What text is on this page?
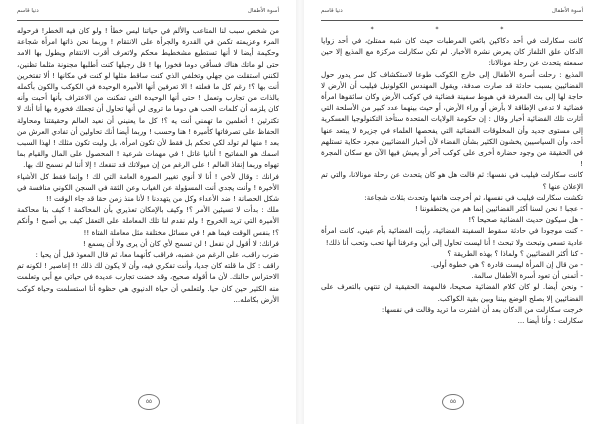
دنيا قاسم	أسوة الأطفال

من شخص سبب لنا المتاعب والألم في حياتنا ليس خطأ ! ولو كان فيه الخطر! فرحوله المرء وعزيمته تكمن في القدرة والجرأة على الانتقام ! وربما نحن ذاتها امرأة شجاعة وحكيمة أيضا لا أنها تستطيع مشخطيط محكم ولاتعرف أقرب الانتقام ويطول بها الامد حتى لو ماتك هناك فسأقي دوما فخورا بها ! قل رجيلها كنت أطلبها مجنونة مثلما تظنين، لكنني استقلت من جهلي وتخلفي الذي كنت ساقط مثلها لو كنت في مكانها ! ألا تفتخرين أنت بها ؟! رغم كل ما فعلته ! الا تعرفين أنها الأميرة الوحيدة في الكوكب والكون بأكمله بالذات من تجارب وتعمل ! حتى أنها الوحيدة التي تمكنت من الاعتراف بأنها أحبت وأنه كان يلزمه أن كلمات الحب هي دوما ما تروى لي أنها تحاول أن تجعلك فخورة بها أنا أنك لا تكترثين ! أتعلمين ما تهمني أنت يه ؟! كل ما يعنيني أن نعيد العالم وحقيقتنا ومحاولة الحفاظ على تصرفاتها كأميرة ! هنا وحسب ! وربما أيضا أنك تحاولين أن تفادي العرش من بعد ! منها لم تولد لكي تحكم بل فقط لأن تكون امرأة، بل وليت تكون مثلك ! لهذا السبب اسمك هو المفاتيح ! أنانيا غاتل ! في مهمات شرعية ! المحصول على المال والقيام بما تهواه وربما إنقاذ العالم ! على الرغم من إن ميولاتك قد تنفعك ! إلا أننا لم نسمح لك بها.

فرانك : وقال لأخي ! أنا لا أنوي تغيير الصورة العامة التي لك ! وإنما فقط كل الأشياء الأخيرة ! وأنت يجدي أنت المسؤولة عن الغياب وعن الثقة في السجن الكوني منافسة في شكل الحصانة ! ضد الأعداء وكل من يتهددنا ! لأنا منذ زمن حقا قد جاء الوقت !!

ملك : بدأت لا تسيئين الأمر ؟! وكيف بالإمكان تعذيري بأن المحاكمة ! كيف بنا محاكمة الأميرة التي تريد الخروج ! ولم نقدم لنا تلك المعاملة على التعقل كيف بي أصبح ! وأنكم ؟! بنفس الوقت فيما هم ! في مسائل مختلفة مثل معاملة الفتاة !!

فرانك: لا أقول لن نفعل ! لن تسمح لأي كان أن يرى ولا أن يسمع !

ضرب راقب، على الرغم من غضبه، فراقب كأنهما معا، ثم قال المعوذ قبل أن يحيا :

راقف : كل ما قلته كان جديا، وأنت تفكري فيه، وأن لا يكون لك ذلك !! إعاصير ! لكونه تم الاحتراس حالنك. لأن ما أقوله صحيح، وقد خضت تجارب عديدة في حياتي مع أبي وتعلمت منه الكثير حين كان حيا. ولتعلمي أن حياة الدنيوي هي حظوة أنا استسلمت وحياة كوكب الأرض بكامله...

٥٥
دنيا قاسم	أسوة الأطفال

* * *

كانت سكارلت في أحد دكاكين بائعي المرطبات حيث كان شبه ممتلئ، في أحد زوايا الدكان علق التلفاز كان يعرض نشرة الأخبار. لم تكن سكارلت مركزة مع المذيع إلا حين سمعته يتحدث عن رحلة مونالانا:

المذيع : رحلت أسرة الأطفال إلى خارج الكوكب طوعا لاستكشاف كل سر يدور حول الفضائيين بسبب حادثة قد صارت صدفة، ويقول المهندس الكولونيل فيليب أن الأرض لا حاجة لها إلى بث المعرفة في هبوط سفينة فضائية في كوكب الأرض وكان سائقوها امرأة فضائية لا تدعى الإطاقة لا بأرض أو وراء الأرض، أو حيث بينهما عدد كبير من الأسلحة التي أثارت تلك الفضائية أخبار وقال : إن حكومة الولايات المتحدة ستأخذ التكنولوجيا العسكرية إلى مستوى جديد وأن المخلوقات الفضائية التي يفحصها العلماء في جزيرة لا يبتعد عنها أحد، وأن السياسيين يخشون الكثير بشأن الفضاء لأن أخبار الفضائيين مجرد حكاية تستلهم في الحقيقة من وجود حضارة أخرى على كوكب آخر أو يعيش فيها الآن مع سكان المجرة !

كانت سكارلت فيليب في نفسها: ثم قالت هل هو كان يتحدث عن رحلة مونالانا، والتي تم الإعلان عنها ؟

تكشت سكارلت فيليب في نفسها، ثم أخرجت هاتفها وتحدث بثلاث شجاعة:

- عجبا ! نحن لسنا أكثر الفضائيين إنما هم من يختطفوننا !

- هل سيكون حديث الفضائية صحيحا ؟!

- كنت موجودا في حادثة سقوط السفينة الفضائية، رأيت الفضائية بأم عيني، كانت امرأة عادية تسعى وتبحث ولا تبحث ! أنا ليست تحاول إلى أين وعرفنا أنها تحب وتحب أنا ذلك!

- كنا أكثر الفضائيين ؟ ولماذا ؟ بهذه الطريقة ؟

- من قال إن المرأة ليست قادرة ؟ هي خطوة أولى.

- أتمنى أن تعود أسرة الأطفال سالمة.

- ونحن أيضا. لو كان كلام الفضائية صحيحا، فالمهمة الحقيقية لن تنتهي بالتعرف على الفضائيين إلا بصلح الوضع بيننا وبين بقية الكواكب.

خرجت سكارلت من الدكان بعد أن اشترت ما تريد وقالت في نفسها:

سكارلت : وأنا أيضا ...

٥٥
